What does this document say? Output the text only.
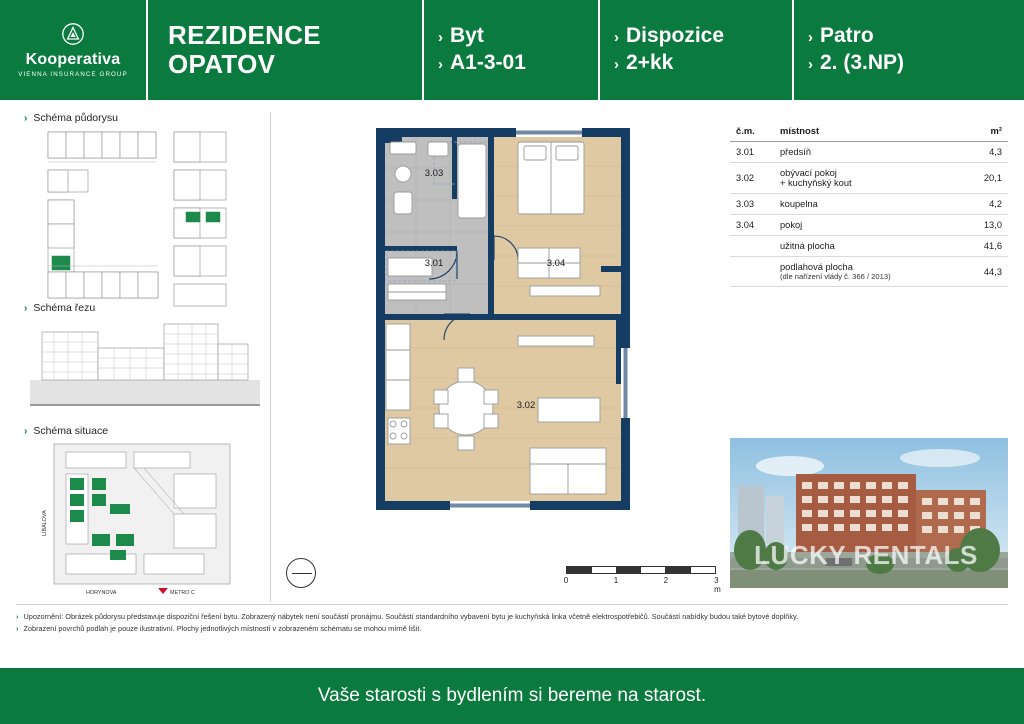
Kooperativa
VIENNA INSURANCE GROUP
REZIDENCE
OPATOV
› Byt
› A1-3-01
› Dispozice
› 2+kk
› Patro
› 2. (3.NP)
› Schéma půdorysu
› Schéma řezu
› Schéma situace
LÍBALOVA
HORYNOVA	METRO C
3.03
3.01	3.04
3.02
0	1	2	3 m
č.m.	místnost	m²
3.01	předsíň	4,3
3.02	obývací pokoj
+ kuchyňský kout	20,1
3.03	koupelna	4,2
3.04	pokoj	13,0
	užitná plocha	41,6

	podlahová plocha
(dle nařízení vlády č. 366 / 2013)	44,3
LUCKY RENTALS
› Upozornění: Obrázek půdorysu představuje dispoziční řešení bytu. Zobrazený nábytek není součástí pronájmu. Součástí standardního vybavení bytu je kuchyňská linka včetně elektrospotřebičů. Součástí nabídky budou také bytové doplňky.
› Zobrazení povrchů podlah je pouze ilustrativní. Plochy jednotlivých místností v zobrazeném schématu se mohou mírně lišit.
Vaše starosti s bydlením si bereme na starost.
